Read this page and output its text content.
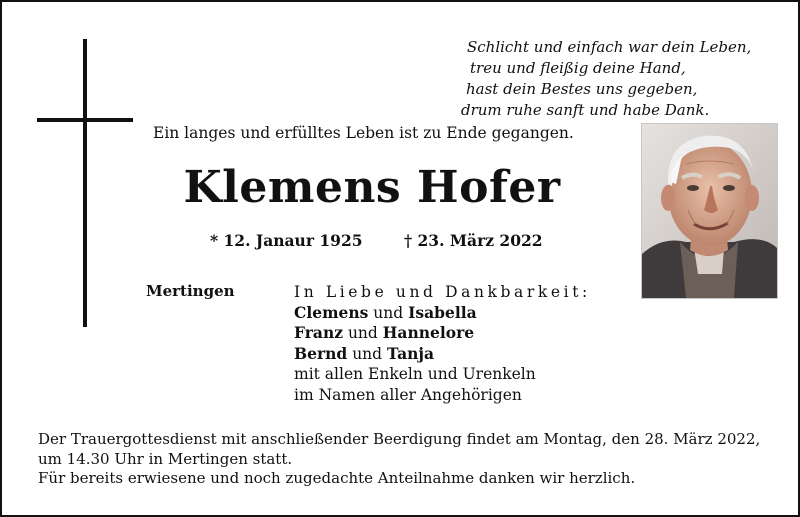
Schlicht und einfach war dein Leben,
treu und fleißig deine Hand,
hast dein Bestes uns gegeben,
drum ruhe sanft und habe Dank.
Ein langes und erfülltes Leben ist zu Ende gegangen.
Klemens Hofer
* 12. Janaur 1925	† 23. März 2022
Mertingen	In Liebe und Dankbarkeit:
Clemens und Isabella
Franz und Hannelore
Bernd und Tanja
mit allen Enkeln und Urenkeln
im Namen aller Angehörigen
Der Trauergottesdienst mit anschließender Beerdigung findet am Montag, den 28. März 2022,
um 14.30 Uhr in Mertingen statt.
Für bereits erwiesene und noch zugedachte Anteilnahme danken wir herzlich.
